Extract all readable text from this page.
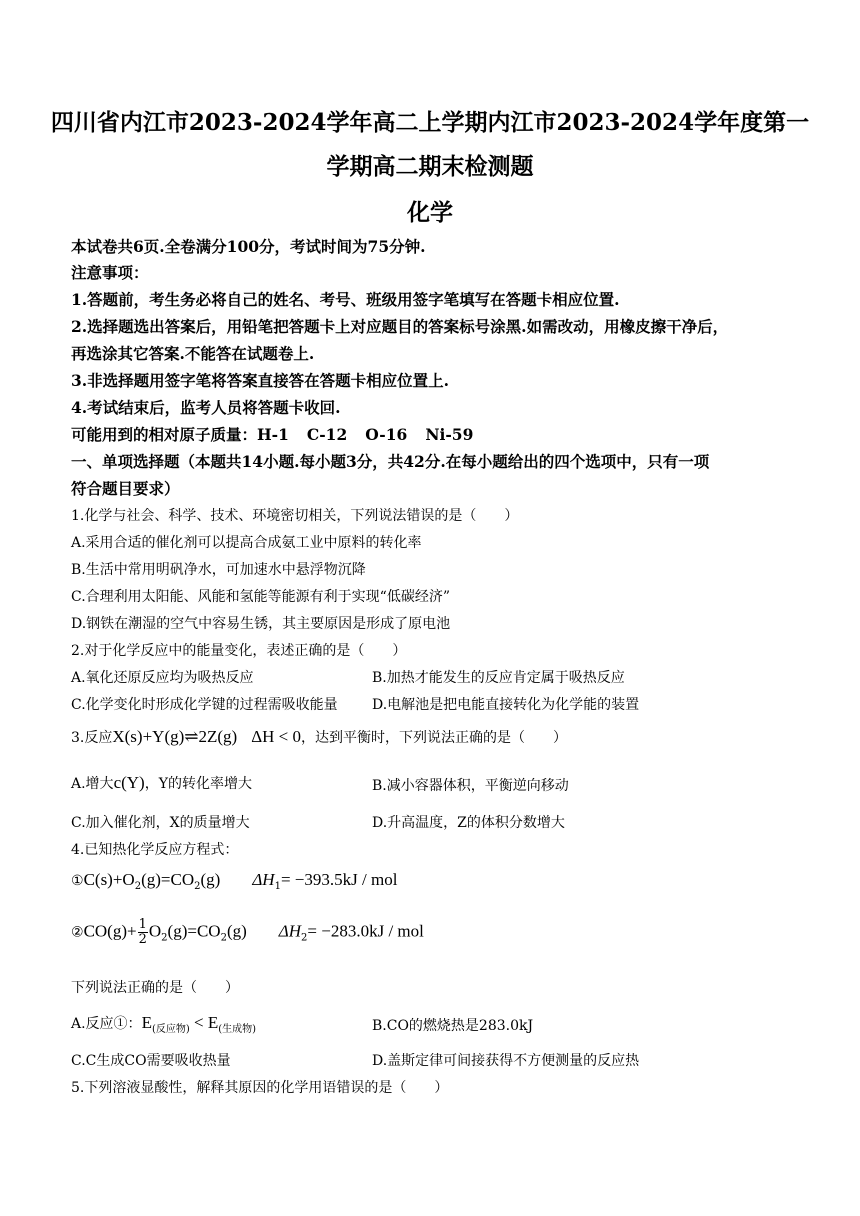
四川省内江市2023-2024学年高二上学期内江市2023-2024学年度第一
学期高二期末检测题
化学
本试卷共6页.全卷满分100分，考试时间为75分钟.
注意事项：
1.答题前，考生务必将自己的姓名、考号、班级用签字笔填写在答题卡相应位置.
2.选择题选出答案后，用铅笔把答题卡上对应题目的答案标号涂黑.如需改动，用橡皮擦干净后，
再选涂其它答案.不能答在试题卷上.
3.非选择题用签字笔将答案直接答在答题卡相应位置上.
4.考试结束后，监考人员将答题卡收回.
可能用到的相对原子质量：H-1 C-12 O-16 Ni-59
一、单项选择题（本题共14小题.每小题3分，共42分.在每小题给出的四个选项中，只有一项
符合题目要求）
1.化学与社会、科学、技术、环境密切相关，下列说法错误的是（　　）
A.采用合适的催化剂可以提高合成氨工业中原料的转化率
B.生活中常用明矾净水，可加速水中悬浮物沉降
C.合理利用太阳能、风能和氢能等能源有利于实现“低碳经济”
D.钢铁在潮湿的空气中容易生锈，其主要原因是形成了原电池
2.对于化学反应中的能量变化，表述正确的是（　　）
A.氧化还原反应均为吸热反应	B.加热才能发生的反应肯定属于吸热反应
C.化学变化时形成化学键的过程需吸收能量 D.电解池是把电能直接转化为化学能的装置
3.反应X(s)+Y(g)⇌2Z(g) ΔH < 0，达到平衡时，下列说法正确的是（　　）
A.增大c(Y)，Y的转化率增大	B.减小容器体积，平衡逆向移动
C.加入催化剂，X的质量增大	D.升高温度，Z的体积分数增大
4.已知热化学反应方程式：
$①C(s)+O_2(g)=CO_2(g)$ $\Delta H_1= -393.5kJ$ / mol
②CO(g)+ $\frac{1}{2} O_2(g)=CO_2(g)$ $\Delta H_2= -283.0kJ$ / mol
下列说法正确的是（　　）
A.反应①：$E_{(反应物)} < E_{(生成物)}$	B.CO的燃烧热是283.0kJ
C.C生成CO需要吸收热量	D.盖斯定律可间接获得不方便测量的反应热
5.下列溶液显酸性，解释其原因的化学用语错误的是（　　）
